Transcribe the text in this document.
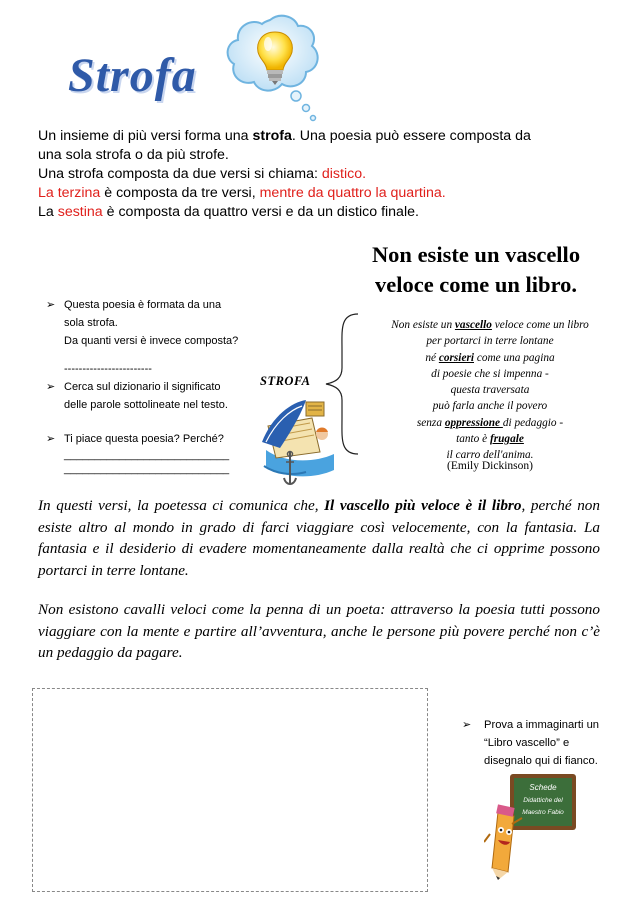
Strofa

Un insieme di più versi forma una strofa. Una poesia può essere composta da

una sola strofa o da più strofe.

Una strofa composta da due versi si chiama: distico.

La terzina è composta da tre versi, mentre da quattro la quartina.

La sestina è composta da quattro versi e da un distico finale.

Non esiste un vascello
veloce come un libro.
➢ Questa poesia è formata da una
sola strofa.
Da quanti versi è invece composta?
------------------------
➢ Cerca sul dizionario il significato
delle parole sottolineate nel testo.
➢ Ti piace questa poesia? Perché?
___________________________
___________________________
STROFA
Non esiste un vascello veloce come un libro
per portarci in terre lontane
né corsieri come una pagina
di poesie che si impenna -
questa traversata
può farla anche il povero
senza oppressione di pedaggio -
tanto è frugale
il carro dell'anima.
(Emily Dickinson)

In questi versi, la poetessa ci comunica che, Il vascello più veloce è il libro, perché non esiste altro al mondo in grado di farci viaggiare così velocemente, con la fantasia. La fantasia e il desiderio di evadere momentaneamente dalla realtà che ci opprime possono portarci in terre lontane.

Non esistono cavalli veloci come la penna di un poeta: attraverso la poesia tutti possono viaggiare con la mente e partire all’avventura, anche le persone più povere perché non c’è un pedaggio da pagare.

➢ Prova a immaginarti un
“Libro vascello” e
disegnalo qui di fianco.
Schede
Didattiche del
Maestro Fabio
